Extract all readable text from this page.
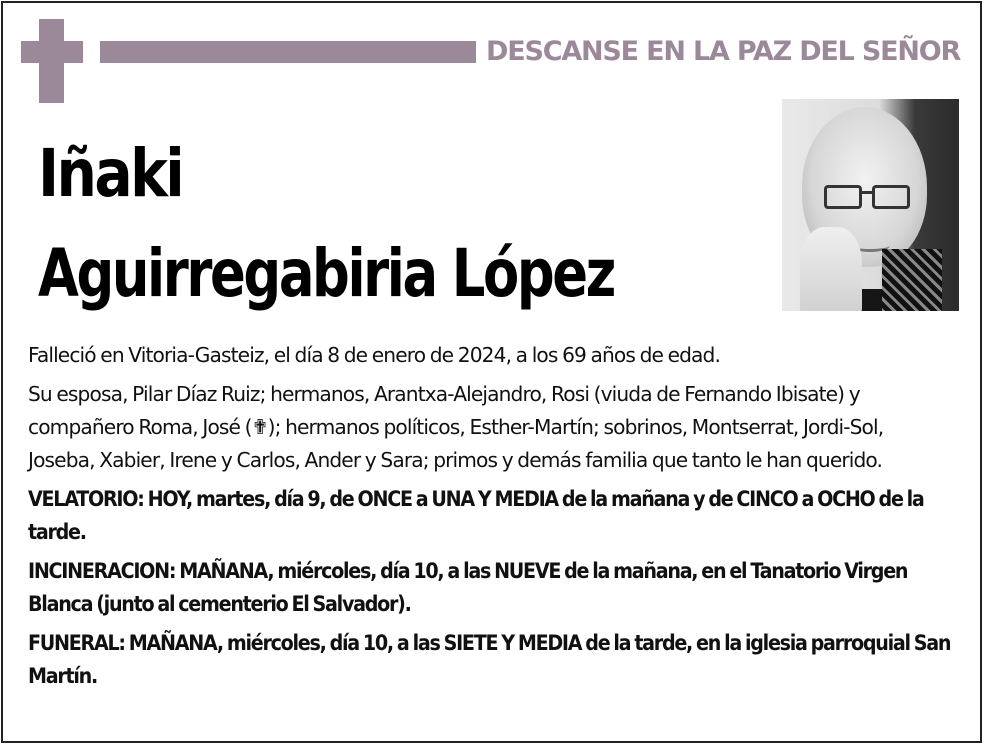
DESCANSE EN LA PAZ DEL SEÑOR
Iñaki
Aguirregabiria López

Falleció en Vitoria-Gasteiz, el día 8 de enero de 2024, a los 69 años de edad.

Su esposa, Pilar Díaz Ruiz; hermanos, Arantxa-Alejandro, Rosi (viuda de Fernando Ibisate) y compañero Roma, José (✟); hermanos políticos, Esther-Martín; sobrinos, Montserrat, Jordi-Sol, Joseba, Xabier, Irene y Carlos, Ander y Sara; primos y demás familia que tanto le han querido.

VELATORIO: HOY, martes, día 9, de ONCE a UNA Y MEDIA de la mañana y de CINCO a OCHO de la tarde.

INCINERACION: MAÑANA, miércoles, día 10, a las NUEVE de la mañana, en el Tanatorio Virgen Blanca (junto al cementerio El Salvador).

FUNERAL: MAÑANA, miércoles, día 10, a las SIETE Y MEDIA de la tarde, en la iglesia parroquial San Martín.
